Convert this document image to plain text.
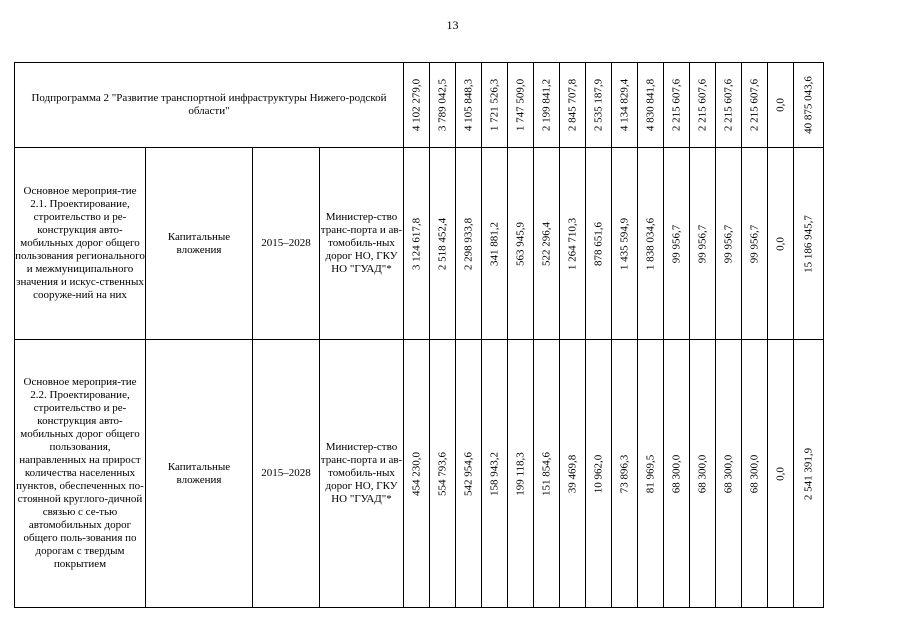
13
Подпрограмма 2 "Развитие транспортной инфраструктуры Нижего-родской области"				4 102 279,0	3 789 042,5	4 105 848,3	1 721 526,3	1 747 509,0	2 199 841,2	2 845 707,8	2 535 187,9	4 134 829,4	4 830 841,8	2 215 607,6	2 215 607,6	2 215 607,6	2 215 607,6	0,0	40 875 043,6

Основное мероприя-тие 2.1. Проектирование, строительство и ре-конструкция авто-мобильных дорог общего пользования регионального и межмуниципального значения и искус-ственных сооруже-ний на них	Капитальные вложения	2015–2028	Министер-ство транс-порта и ав-томобиль-ных дорог НО, ГКУ НО "ГУАД"*	3 124 617,8	2 518 452,4	2 298 933,8	341 881,2	563 945,9	522 296,4	1 264 710,3	878 651,6	1 435 594,9	1 838 034,6	99 956,7	99 956,7	99 956,7	99 956,7	0,0	15 186 945,7

Основное мероприя-тие 2.2. Проектирование, строительство и ре-конструкция авто-мобильных дорог общего пользования, направленных на прирост количества населенных пунктов, обеспеченных по-стоянной круглого-дичной связью с се-тью автомобильных дорог общего поль-зования по дорогам с твердым покрытием	Капитальные вложения	2015–2028	Министер-ство транс-порта и ав-томобиль-ных дорог НО, ГКУ НО "ГУАД"*	454 230,0	554 793,6	542 954,6	158 943,2	199 118,3	151 854,6	39 469,8	10 962,0	73 896,3	81 969,5	68 300,0	68 300,0	68 300,0	68 300,0	0,0	2 541 391,9
